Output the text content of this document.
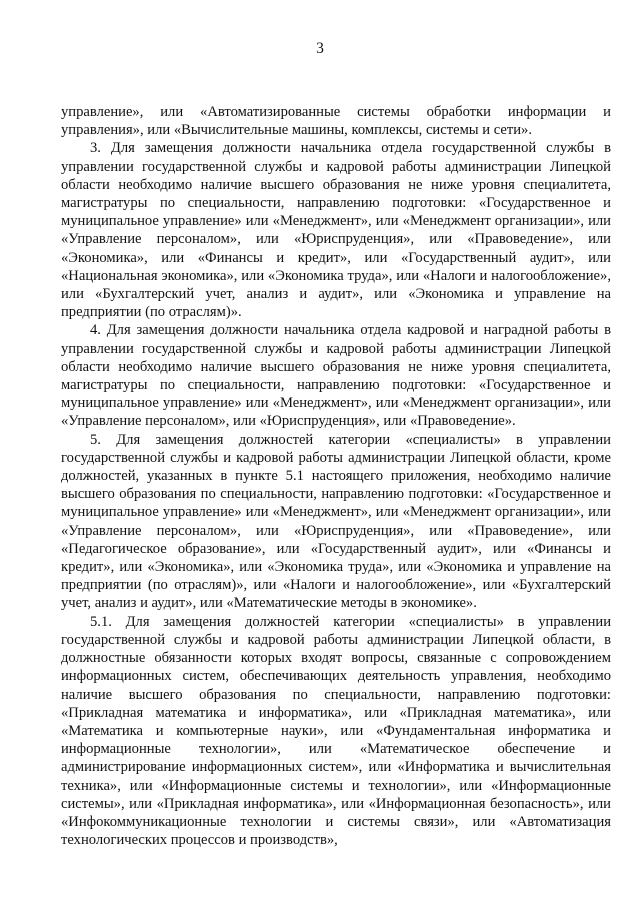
3

управление», или «Автоматизированные системы обработки информации и управления», или «Вычислительные машины, комплексы, системы и сети».

3. Для замещения должности начальника отдела государственной службы в управлении государственной службы и кадровой работы администрации Липецкой области необходимо наличие высшего образования не ниже уровня специалитета, магистратуры по специальности, направлению подготовки: «Государственное и муниципальное управление» или «Менеджмент», или «Менеджмент организации», или «Управление персоналом», или «Юриспруденция», или «Правоведение», или «Экономика», или «Финансы и кредит», или «Государственный аудит», или «Национальная экономика», или «Экономика труда», или «Налоги и налогообложение», или «Бухгалтерский учет, анализ и аудит», или «Экономика и управление на предприятии (по отраслям)».

4. Для замещения должности начальника отдела кадровой и наградной работы в управлении государственной службы и кадровой работы администрации Липецкой области необходимо наличие высшего образования не ниже уровня специалитета, магистратуры по специальности, направлению подготовки: «Государственное и муниципальное управление» или «Менеджмент», или «Менеджмент организации», или «Управление персоналом», или «Юриспруденция», или «Правоведение».

5. Для замещения должностей категории «специалисты» в управлении государственной службы и кадровой работы администрации Липецкой области, кроме должностей, указанных в пункте 5.1 настоящего приложения, необходимо наличие высшего образования по специальности, направлению подготовки: «Государственное и муниципальное управление» или «Менеджмент», или «Менеджмент организации», или «Управление персоналом», или «Юриспруденция», или «Правоведение», или «Педагогическое образование», или «Государственный аудит», или «Финансы и кредит», или «Экономика», или «Экономика труда», или «Экономика и управление на предприятии (по отраслям)», или «Налоги и налогообложение», или «Бухгалтерский учет, анализ и аудит», или «Математические методы в экономике».

5.1. Для замещения должностей категории «специалисты» в управлении государственной службы и кадровой работы администрации Липецкой области, в должностные обязанности которых входят вопросы, связанные с сопровождением информационных систем, обеспечивающих деятельность управления, необходимо наличие высшего образования по специальности, направлению подготовки: «Прикладная математика и информатика», или «Прикладная математика», или «Математика и компьютерные науки», или «Фундаментальная информатика и информационные технологии», или «Математическое обеспечение и администрирование информационных систем», или «Информатика и вычислительная техника», или «Информационные системы и технологии», или «Информационные системы», или «Прикладная информатика», или «Информационная безопасность», или «Инфокоммуникационные технологии и системы связи», или «Автоматизация технологических процессов и производств»,
